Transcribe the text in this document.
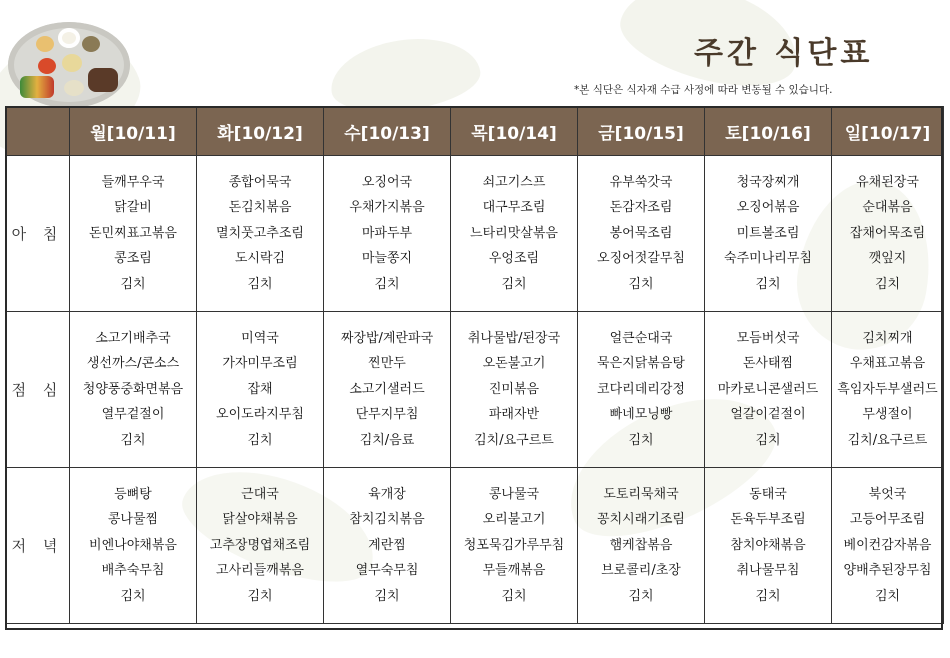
주간 식단표
*본 식단은 식자재 수급 사정에 따라 변동될 수 있습니다.
	월[10/11]	화[10/12]	수[10/13]	목[10/14]	금[10/15]	토[10/16]	일[10/17]
아 침	들깨무우국
닭갈비
돈민찌표고볶음
콩조림
김치	종합어묵국
돈김치볶음
멸치풋고추조림
도시락김
김치	오징어국
우채가지볶음
마파두부
마늘쫑지
김치	쇠고기스프
대구무조림
느타리맛살볶음
우엉조림
김치	유부쑥갓국
돈감자조림
봉어묵조림
오징어젓갈무침
김치	청국장찌개
오징어볶음
미트볼조림
숙주미나리무침
김치	유채된장국
순대볶음
잡채어묵조림
깻잎지
김치

점 심	소고기배추국
생선까스/콘소스
청양풍중화면볶음
열무겉절이
김치	미역국
가자미무조림
잡채
오이도라지무침
김치	짜장밥/계란파국
찐만두
소고기샐러드
단무지무침
김치/음료	취나물밥/된장국
오돈불고기
진미볶음
파래자반
김치/요구르트	얼큰순대국
묵은지닭볶음탕
코다리데리강정
빠네모닝빵
김치	모듬버섯국
돈사태찜
마카로니콘샐러드
얼갈이겉절이
김치	김치찌개
우채표고볶음
흑임자두부샐러드
무생절이
김치/요구르트

저 녁	등뼈탕
콩나물찜
비엔나야채볶음
배추숙무침
김치	근대국
닭살야채볶음
고추장명엽채조림
고사리들깨볶음
김치	육개장
참치김치볶음
계란찜
열무숙무침
김치	콩나물국
오리불고기
청포묵김가루무침
무들깨볶음
김치	도토리묵채국
꽁치시래기조림
햄케찹볶음
브로콜리/초장
김치	동태국
돈육두부조림
참치야채볶음
취나물무침
김치	북엇국
고등어무조림
베이컨감자볶음
양배추된장무침
김치
